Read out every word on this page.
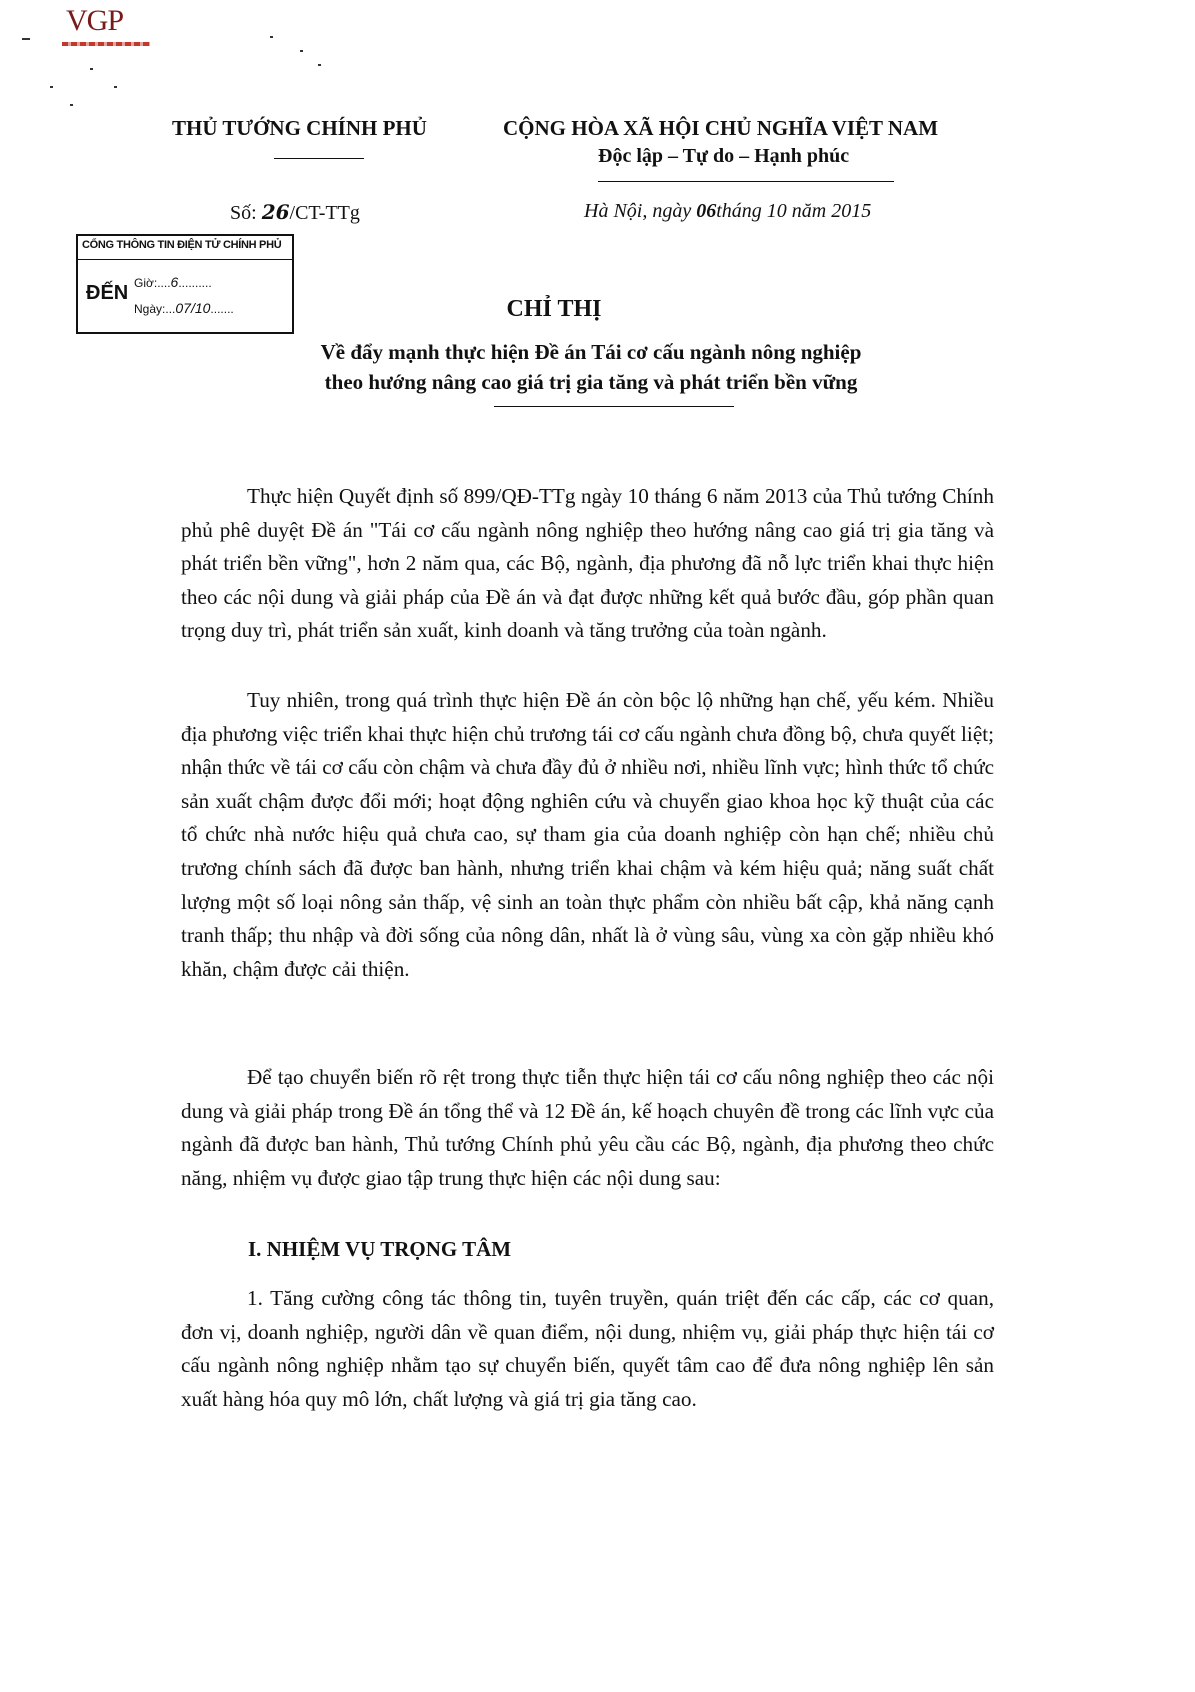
VGP
THỦ TƯỚNG CHÍNH PHỦ	CỘNG HÒA XÃ HỘI CHỦ NGHĨA VIỆT NAM
Độc lập – Tự do – Hạnh phúc
Số: 26/CT-TTg	Hà Nội, ngày 06tháng 10 năm 2015
CỔNG THÔNG TIN ĐIỆN TỬ CHÍNH PHỦ
ĐẾN Giờ:....6..........
Ngày:...07/10.......	CHỈ THỊ
Về đẩy mạnh thực hiện Đề án Tái cơ cấu ngành nông nghiệp
theo hướng nâng cao giá trị gia tăng và phát triển bền vững

Thực hiện Quyết định số 899/QĐ-TTg ngày 10 tháng 6 năm 2013 của Thủ tướng Chính phủ phê duyệt Đề án "Tái cơ cấu ngành nông nghiệp theo hướng nâng cao giá trị gia tăng và phát triển bền vững", hơn 2 năm qua, các Bộ, ngành, địa phương đã nỗ lực triển khai thực hiện theo các nội dung và giải pháp của Đề án và đạt được những kết quả bước đầu, góp phần quan trọng duy trì, phát triển sản xuất, kinh doanh và tăng trưởng của toàn ngành.

Tuy nhiên, trong quá trình thực hiện Đề án còn bộc lộ những hạn chế, yếu kém. Nhiều địa phương việc triển khai thực hiện chủ trương tái cơ cấu ngành chưa đồng bộ, chưa quyết liệt; nhận thức về tái cơ cấu còn chậm và chưa đầy đủ ở nhiều nơi, nhiều lĩnh vực; hình thức tổ chức sản xuất chậm được đổi mới; hoạt động nghiên cứu và chuyển giao khoa học kỹ thuật của các tổ chức nhà nước hiệu quả chưa cao, sự tham gia của doanh nghiệp còn hạn chế; nhiều chủ trương chính sách đã được ban hành, nhưng triển khai chậm và kém hiệu quả; năng suất chất lượng một số loại nông sản thấp, vệ sinh an toàn thực phẩm còn nhiều bất cập, khả năng cạnh tranh thấp; thu nhập và đời sống của nông dân, nhất là ở vùng sâu, vùng xa còn gặp nhiều khó khăn, chậm được cải thiện.

Để tạo chuyển biến rõ rệt trong thực tiễn thực hiện tái cơ cấu nông nghiệp theo các nội dung và giải pháp trong Đề án tổng thể và 12 Đề án, kế hoạch chuyên đề trong các lĩnh vực của ngành đã được ban hành, Thủ tướng Chính phủ yêu cầu các Bộ, ngành, địa phương theo chức năng, nhiệm vụ được giao tập trung thực hiện các nội dung sau:

I. NHIỆM VỤ TRỌNG TÂM

1. Tăng cường công tác thông tin, tuyên truyền, quán triệt đến các cấp, các cơ quan, đơn vị, doanh nghiệp, người dân về quan điểm, nội dung, nhiệm vụ, giải pháp thực hiện tái cơ cấu ngành nông nghiệp nhằm tạo sự chuyển biến, quyết tâm cao để đưa nông nghiệp lên sản xuất hàng hóa quy mô lớn, chất lượng và giá trị gia tăng cao.
